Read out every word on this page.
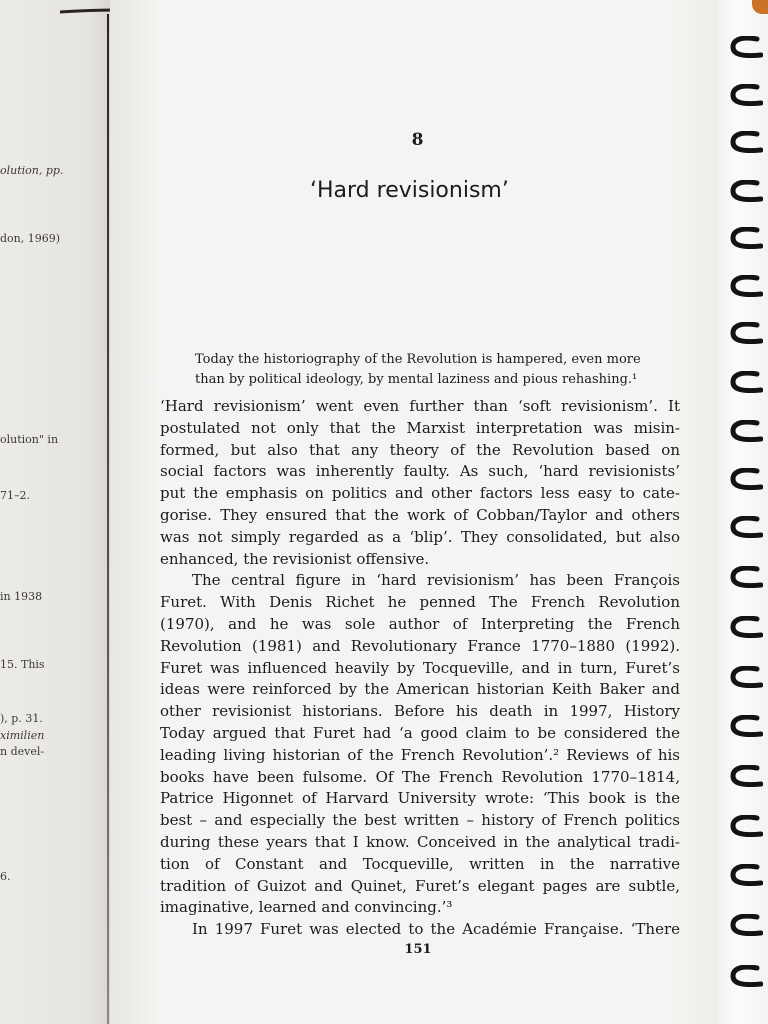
olution, pp.
don, 1969)
olution" in
71–2.
in 1938
15. This
), p. 31.
ximilien
n devel-
6.
8
‘Hard revisionism’
Today the historiography of the Revolution is hampered, even more
than by political ideology, by mental laziness and pious rehashing.¹
‘Hard revisionism’ went even further than ‘soft revisionism’. It
postulated not only that the Marxist interpretation was misin-
formed, but also that any theory of the Revolution based on
social factors was inherently faulty. As such, ‘hard revisionists’
put the emphasis on politics and other factors less easy to cate-
gorise. They ensured that the work of Cobban/Taylor and others
was not simply regarded as a ‘blip’. They consolidated, but also
enhanced, the revisionist offensive.
The central figure in ‘hard revisionism’ has been François
Furet. With Denis Richet he penned The French Revolution
(1970), and he was sole author of Interpreting the French
Revolution (1981) and Revolutionary France 1770–1880 (1992).
Furet was influenced heavily by Tocqueville, and in turn, Furet’s
ideas were reinforced by the American historian Keith Baker and
other revisionist historians. Before his death in 1997, History
Today argued that Furet had ‘a good claim to be considered the
leading living historian of the French Revolution’.² Reviews of his
books have been fulsome. Of The French Revolution 1770–1814,
Patrice Higonnet of Harvard University wrote: ‘This book is the
best – and especially the best written – history of French politics
during these years that I know. Conceived in the analytical tradi-
tion of Constant and Tocqueville, written in the narrative
tradition of Guizot and Quinet, Furet’s elegant pages are subtle,
imaginative, learned and convincing.’³
In 1997 Furet was elected to the Académie Française. ‘There
151
